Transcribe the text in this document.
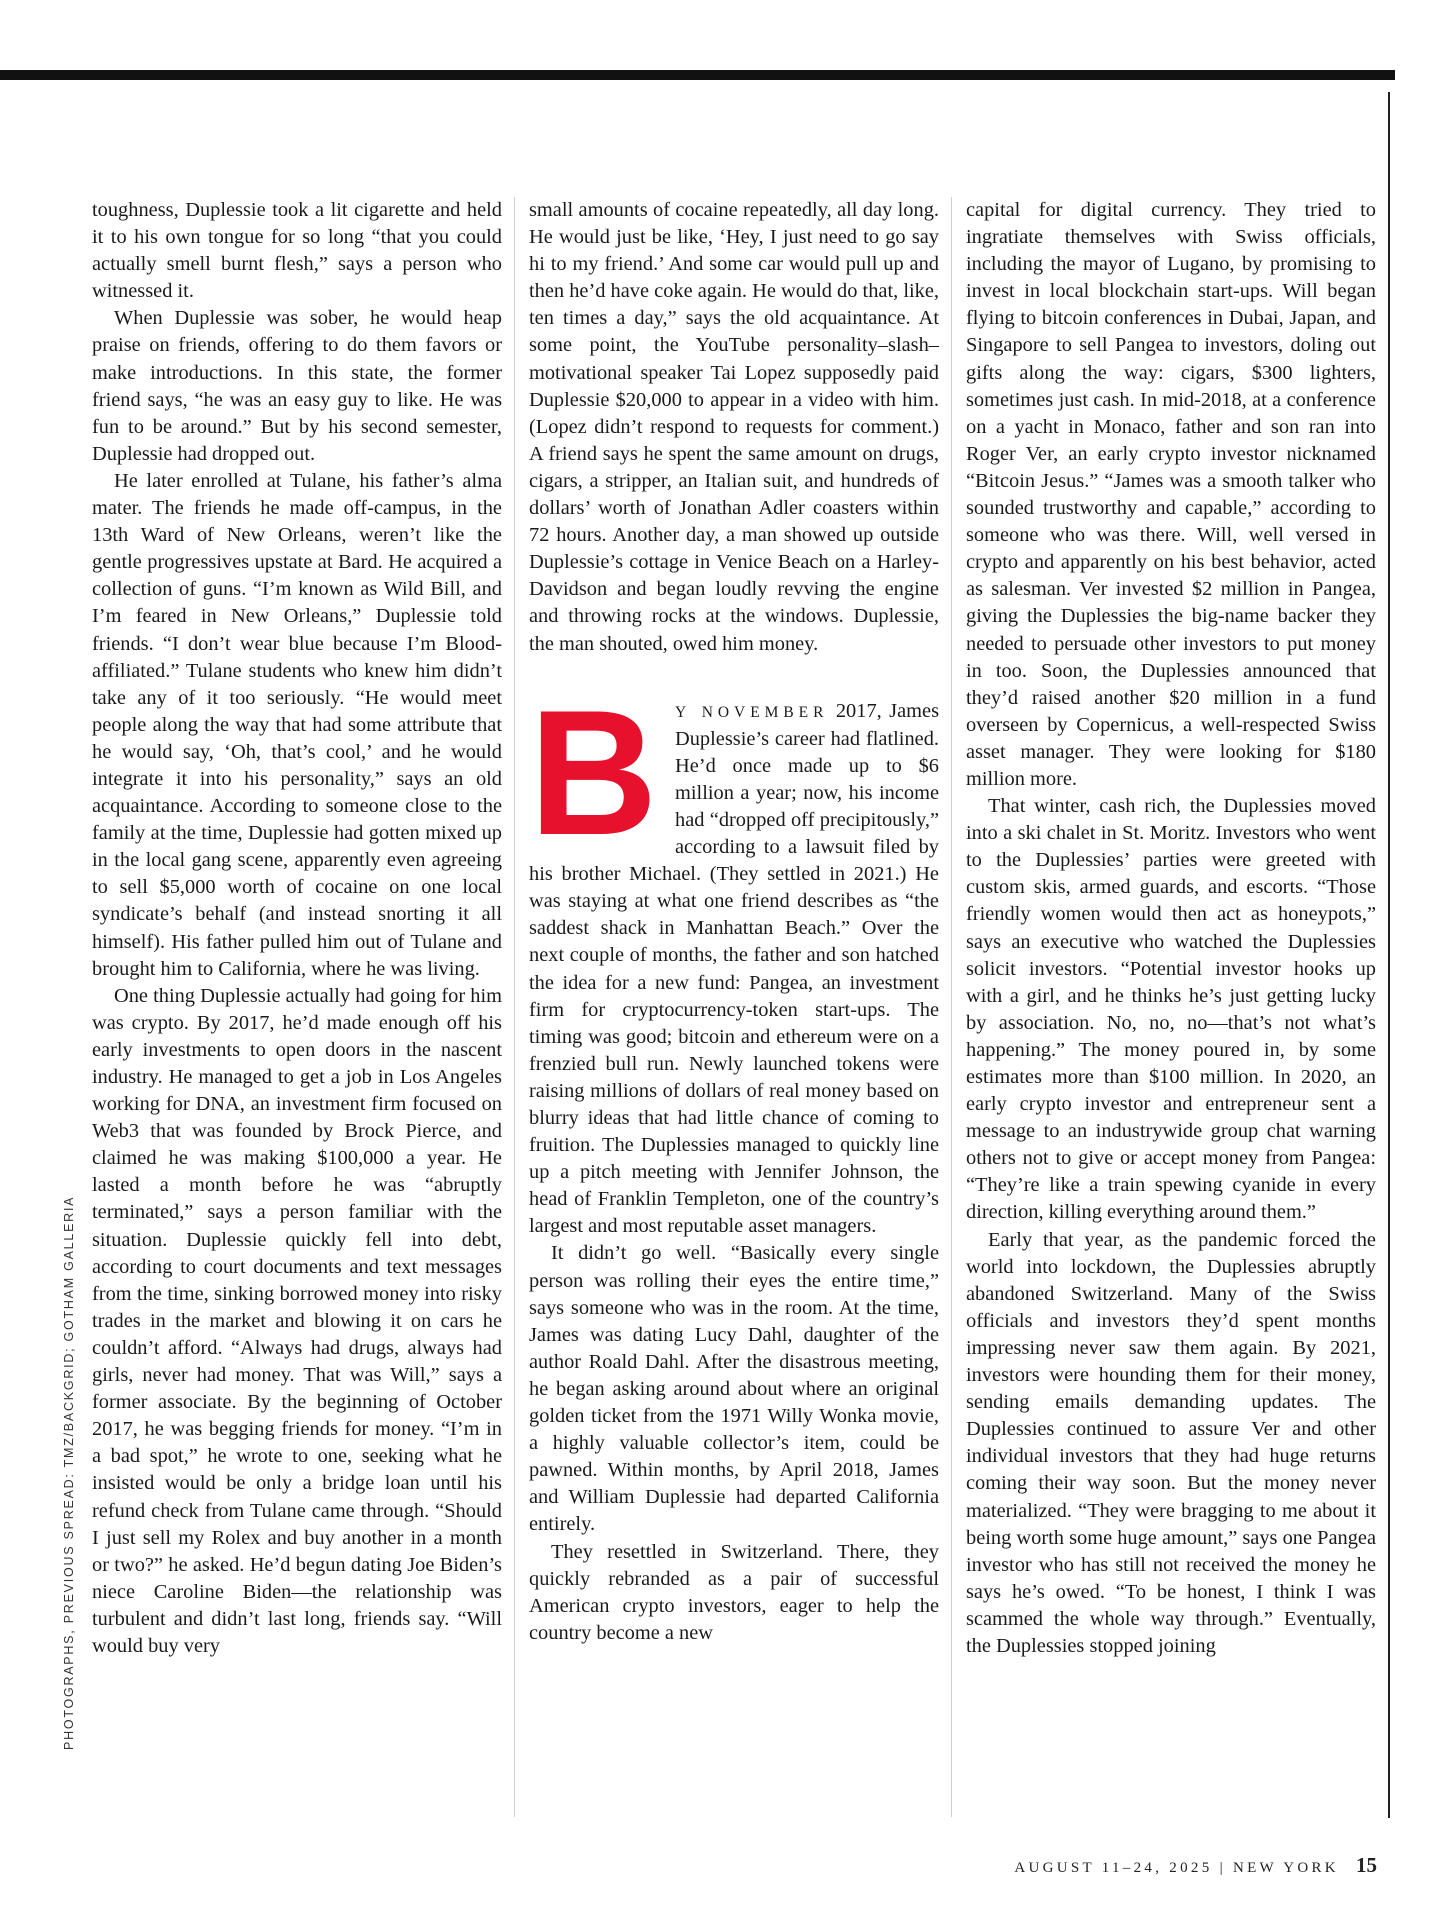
PHOTOGRAPHS, PREVIOUS SPREAD: TMZ/BACKGRID; GOTHAM GALLERIA

toughness, Duplessie took a lit cigarette and held it to his own tongue for so long “that you could actually smell burnt flesh,” says a person who witnessed it.

When Duplessie was sober, he would heap praise on friends, offering to do them favors or make introductions. In this state, the former friend says, “he was an easy guy to like. He was fun to be around.” But by his second semester, Duplessie had dropped out.

He later enrolled at Tulane, his father’s alma mater. The friends he made off-campus, in the 13th Ward of New Orleans, weren’t like the gentle progressives upstate at Bard. He acquired a collection of guns. “I’m known as Wild Bill, and I’m feared in New Orleans,” Duplessie told friends. “I don’t wear blue because I’m Blood-affiliated.” Tulane students who knew him didn’t take any of it too seriously. “He would meet people along the way that had some attribute that he would say, ‘Oh, that’s cool,’ and he would integrate it into his personality,” says an old acquaintance. According to someone close to the family at the time, Duplessie had gotten mixed up in the local gang scene, apparently even agreeing to sell $5,000 worth of cocaine on one local syndicate’s behalf (and instead snorting it all himself). His father pulled him out of Tulane and brought him to California, where he was living.

One thing Duplessie actually had going for him was crypto. By 2017, he’d made enough off his early investments to open doors in the nascent industry. He managed to get a job in Los Angeles working for DNA, an investment firm focused on Web3 that was founded by Brock Pierce, and claimed he was making $100,000 a year. He lasted a month before he was “abruptly terminated,” says a person familiar with the situation. Duplessie quickly fell into debt, according to court documents and text messages from the time, sinking borrowed money into risky trades in the market and blowing it on cars he couldn’t afford. “Always had drugs, always had girls, never had money. That was Will,” says a former associate. By the beginning of October 2017, he was begging friends for money. “I’m in a bad spot,” he wrote to one, seeking what he insisted would be only a bridge loan until his refund check from Tulane came through. “Should I just sell my Rolex and buy another in a month or two?” he asked. He’d begun dating Joe Biden’s niece Caroline Biden—the relationship was turbulent and didn’t last long, friends say. “Will would buy very

small amounts of cocaine repeatedly, all day long. He would just be like, ‘Hey, I just need to go say hi to my friend.’ And some car would pull up and then he’d have coke again. He would do that, like, ten times a day,” says the old acquaintance. At some point, the YouTube personality–slash–motivational speaker Tai Lopez supposedly paid Duplessie $20,000 to appear in a video with him. (Lopez didn’t respond to requests for comment.) A friend says he spent the same amount on drugs, cigars, a stripper, an Italian suit, and hundreds of dollars’ worth of Jonathan Adler coasters within 72 hours. Another day, a man showed up outside Duplessie’s cottage in Venice Beach on a Harley-Davidson and began loudly revving the engine and throwing rocks at the windows. Duplessie, the man shouted, owed him money.

B Y NOVEMBER 2017, James Duplessie’s career had flatlined. He’d once made up to $6 million a year; now, his income had “dropped off precipitously,” according to a lawsuit filed by his brother Michael. (They settled in 2021.) He was staying at what one friend describes as “the saddest shack in Manhattan Beach.” Over the next couple of months, the father and son hatched the idea for a new fund: Pangea, an investment firm for cryptocurrency-token start-ups. The timing was good; bitcoin and ethereum were on a frenzied bull run. Newly launched tokens were raising millions of dollars of real money based on blurry ideas that had little chance of coming to fruition. The Duplessies managed to quickly line up a pitch meeting with Jennifer Johnson, the head of Franklin Templeton, one of the country’s largest and most reputable asset managers.

It didn’t go well. “Basically every single person was rolling their eyes the entire time,” says someone who was in the room. At the time, James was dating Lucy Dahl, daughter of the author Roald Dahl. After the disastrous meeting, he began asking around about where an original golden ticket from the 1971 Willy Wonka movie, a highly valuable collector’s item, could be pawned. Within months, by April 2018, James and William Duplessie had departed California entirely.

They resettled in Switzerland. There, they quickly rebranded as a pair of successful American crypto investors, eager to help the country become a new

capital for digital currency. They tried to ingratiate themselves with Swiss officials, including the mayor of Lugano, by promising to invest in local blockchain start-ups. Will began flying to bitcoin conferences in Dubai, Japan, and Singapore to sell Pangea to investors, doling out gifts along the way: cigars, $300 lighters, sometimes just cash. In mid-2018, at a conference on a yacht in Monaco, father and son ran into Roger Ver, an early crypto investor nicknamed “Bitcoin Jesus.” “James was a smooth talker who sounded trustworthy and capable,” according to someone who was there. Will, well versed in crypto and apparently on his best behavior, acted as salesman. Ver invested $2 million in Pangea, giving the Duplessies the big-name backer they needed to persuade other investors to put money in too. Soon, the Duplessies announced that they’d raised another $20 million in a fund overseen by Copernicus, a well-respected Swiss asset manager. They were looking for $180 million more.

That winter, cash rich, the Duplessies moved into a ski chalet in St. Moritz. Investors who went to the Duplessies’ parties were greeted with custom skis, armed guards, and escorts. “Those friendly women would then act as honeypots,” says an executive who watched the Duplessies solicit investors. “Potential investor hooks up with a girl, and he thinks he’s just getting lucky by association. No, no, no—that’s not what’s happening.” The money poured in, by some estimates more than $100 million. In 2020, an early crypto investor and entrepreneur sent a message to an industrywide group chat warning others not to give or accept money from Pangea: “They’re like a train spewing cyanide in every direction, killing everything around them.”

Early that year, as the pandemic forced the world into lockdown, the Duplessies abruptly abandoned Switzerland. Many of the Swiss officials and investors they’d spent months impressing never saw them again. By 2021, investors were hounding them for their money, sending emails demanding updates. The Duplessies continued to assure Ver and other individual investors that they had huge returns coming their way soon. But the money never materialized. “They were bragging to me about it being worth some huge amount,” says one Pangea investor who has still not received the money he says he’s owed. “To be honest, I think I was scammed the whole way through.” Eventually, the Duplessies stopped joining

AUGUST 11–24, 2025 | NEW YORK 15
